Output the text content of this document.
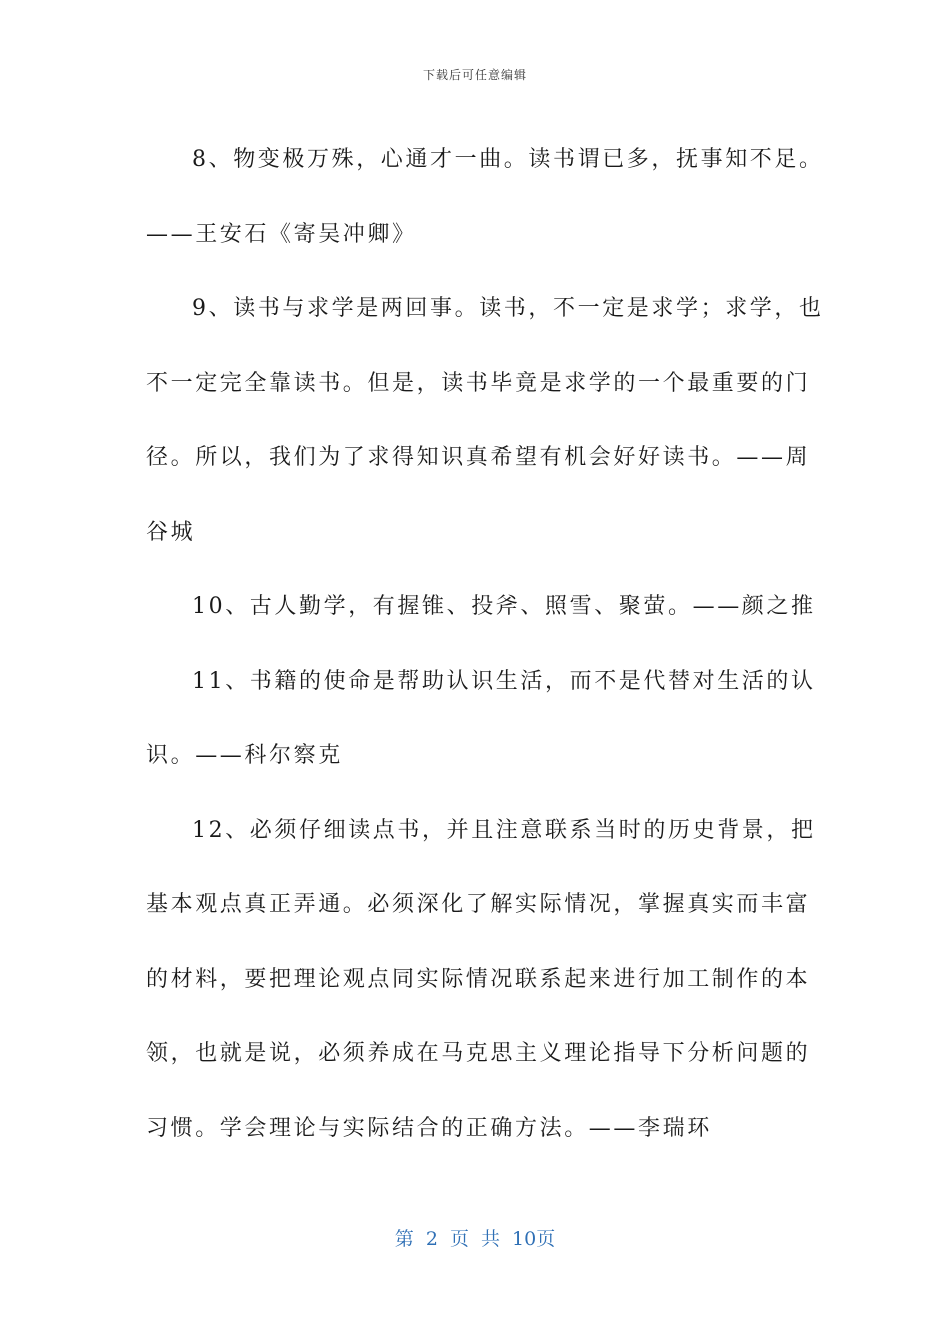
下载后可任意编辑
8、物变极万殊，心通才一曲。读书谓已多，抚事知不足。
——王安石《寄吴冲卿》
9、读书与求学是两回事。读书，不一定是求学；求学，也
不一定完全靠读书。但是，读书毕竟是求学的一个最重要的门
径。所以，我们为了求得知识真希望有机会好好读书。——周
谷城
10、古人勤学，有握锥、投斧、照雪、聚萤。——颜之推
11、书籍的使命是帮助认识生活，而不是代替对生活的认
识。——科尔察克
12、必须仔细读点书，并且注意联系当时的历史背景，把
基本观点真正弄通。必须深化了解实际情况，掌握真实而丰富
的材料，要把理论观点同实际情况联系起来进行加工制作的本
领，也就是说，必须养成在马克思主义理论指导下分析问题的
习惯。学会理论与实际结合的正确方法。——李瑞环
第 2 页 共 10页
